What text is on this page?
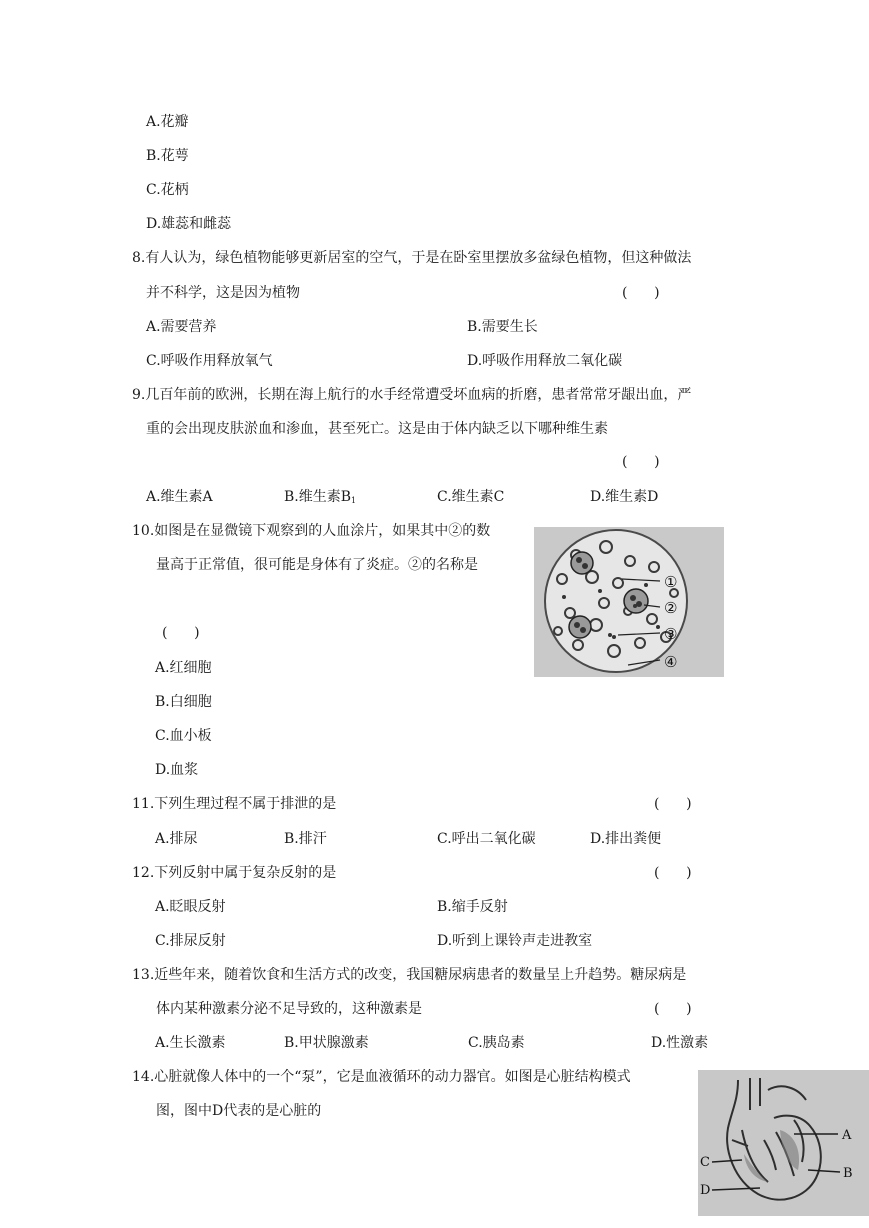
A.花瓣
B.花萼
C.花柄
D.雄蕊和雌蕊
8.有人认为，绿色植物能够更新居室的空气，于是在卧室里摆放多盆绿色植物，但这种做法
并不科学，这是因为植物	(      )
A.需要营养	B.需要生长
C.呼吸作用释放氧气	D.呼吸作用释放二氧化碳
9.几百年前的欧洲，长期在海上航行的水手经常遭受坏血病的折磨，患者常常牙龈出血，严
重的会出现皮肤淤血和渗血，甚至死亡。这是由于体内缺乏以下哪种维生素
(      )
A.维生素A	B.维生素$B_1$	C.维生素C	D.维生素D
10.如图是在显微镜下观察到的人血涂片，如果其中②的数
量高于正常值，很可能是身体有了炎症。②的名称是
(      )
A.红细胞
B.白细胞
C.血小板
D.血浆
①
②
③
④
11.下列生理过程不属于排泄的是	(      )
A.排尿	B.排汗	C.呼出二氧化碳	D.排出粪便
12.下列反射中属于复杂反射的是	(      )
A.眨眼反射	B.缩手反射
C.排尿反射	D.听到上课铃声走进教室
13.近些年来，随着饮食和生活方式的改变，我国糖尿病患者的数量呈上升趋势。糖尿病是
体内某种激素分泌不足导致的，这种激素是	(      )
A.生长激素	B.甲状腺激素	C.胰岛素	D.性激素
14.心脏就像人体中的一个“泵”，它是血液循环的动力器官。如图是心脏结构模式
图，图中D代表的是心脏的
A
B
C
D
